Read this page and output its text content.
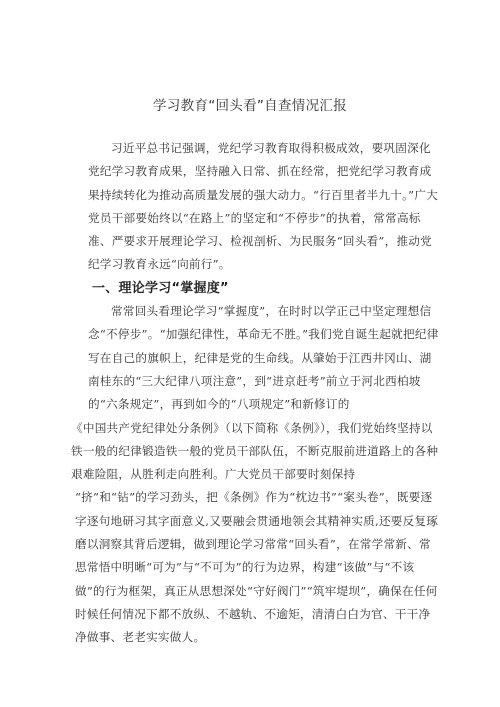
学习教育“回头看”自查情况汇报

习近平总书记强调，党纪学习教育取得积极成效，要巩固深化党纪学习教育成果，坚持融入日常、抓在经常，把党纪学习教育成果持续转化为推动高质量发展的强大动力。“行百里者半九十。”广大党员干部要始终以“在路上”的坚定和“不停步”的执着，常常高标准、严要求开展理论学习、检视剖析、为民服务“回头看”，推动党纪学习教育永远“向前行”。

一、理论学习“掌握度”

常常回头看理论学习“掌握度”，在时时以学正己中坚定理想信念“不停步”。“加强纪律性，革命无不胜。”我们党自诞生起就把纪律写在自己的旗帜上，纪律是党的生命线。从肇始于江西井冈山、湖南桂东的“三大纪律八项注意”，到“进京赶考”前立于河北西柏坡的“六条规定”，再到如今的“八项规定”和新修订的

《中国共产党纪律处分条例》（以下简称《条例》），我们党始终坚持以铁一般的纪律锻造铁一般的党员干部队伍，不断克服前进道路上的各种艰难险阻，从胜利走向胜利。广大党员干部要时刻保持

“挤”和“钻”的学习劲头，把《条例》作为“枕边书”“案头卷”，既要逐字逐句地研习其字面意义,又要融会贯通地领会其精神实质,还要反复琢磨以洞察其背后逻辑，做到理论学习常常“回头看”，在常学常新、常思常悟中明晰“可为”与“不可为”的行为边界，构建“该做”与“不该做”的行为框架，真正从思想深处“守好阀门”“筑牢堤坝”，确保在任何时候任何情况下都不放纵、不越轨、不逾矩，清清白白为官、干干净净做事、老老实实做人。
